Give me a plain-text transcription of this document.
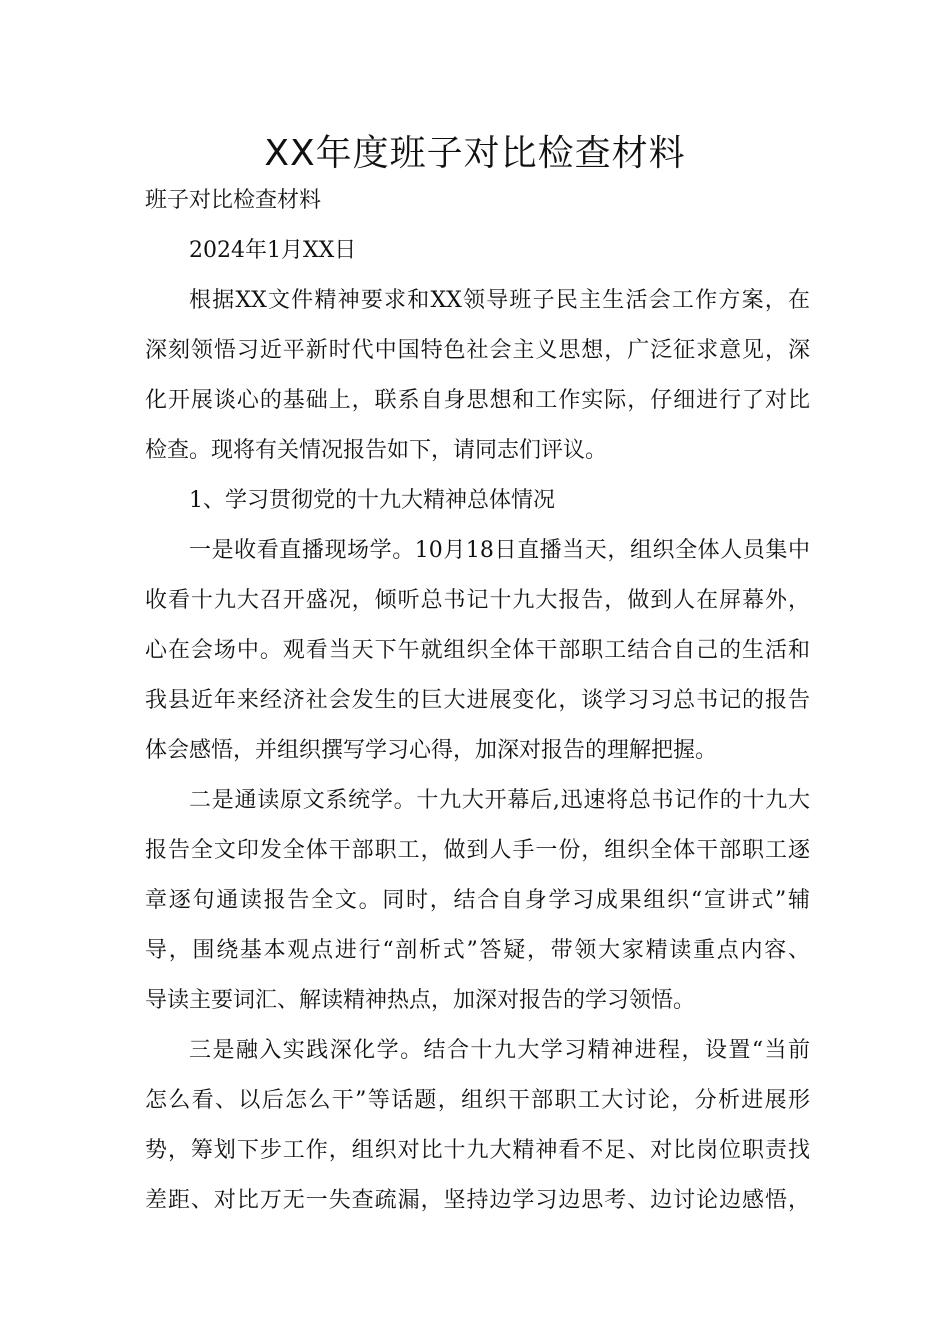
XX年度班子对比检查材料

班子对比检查材料

2024年1月XX日

根据XX文件精神要求和XX领导班子民主生活会工作方案，在

深刻领悟习近平新时代中国特色社会主义思想，广泛征求意见，深

化开展谈心的基础上，联系自身思想和工作实际，仔细进行了对比

检查。现将有关情况报告如下，请同志们评议。

1、学习贯彻党的十九大精神总体情况

一是收看直播现场学。10月18日直播当天，组织全体人员集中

收看十九大召开盛况，倾听总书记十九大报告，做到人在屏幕外，

心在会场中。观看当天下午就组织全体干部职工结合自己的生活和

我县近年来经济社会发生的巨大进展变化，谈学习习总书记的报告

体会感悟，并组织撰写学习心得，加深对报告的理解把握。

二是通读原文系统学。十九大开幕后,迅速将总书记作的十九大

报告全文印发全体干部职工，做到人手一份，组织全体干部职工逐

章逐句通读报告全文。同时，结合自身学习成果组织“宣讲式”辅

导，围绕基本观点进行“剖析式”答疑，带领大家精读重点内容、

导读主要词汇、解读精神热点，加深对报告的学习领悟。

三是融入实践深化学。结合十九大学习精神进程，设置“当前

怎么看、以后怎么干”等话题，组织干部职工大讨论，分析进展形

势，筹划下步工作，组织对比十九大精神看不足、对比岗位职责找

差距、对比万无一失查疏漏，坚持边学习边思考、边讨论边感悟，
